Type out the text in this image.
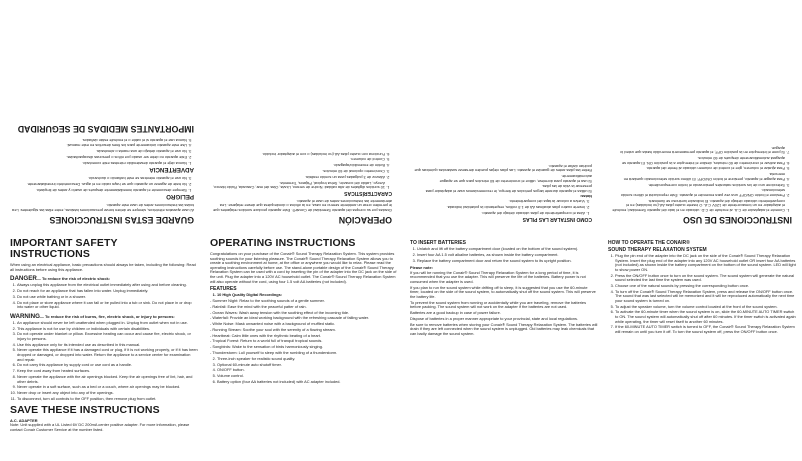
INSTRUCCIONES DE USO
1. Conecte el adaptador de C.A. al enchufe de C.D. ubicado en el lado del aparato Serenidad; enchufe el adaptador en un tomacorriente de 120V C.A. O inserte cuatro pilas AA (no incluidas) en el compartimiento ubicado debajo del aparato. El indicador luminoso se iluminará.
2. Presione el botón ON/OFF una vez para encender el aparato. Éste reproducirá el último sonido seleccionado.
3. Seleccione uno de los sonidos naturales presionando el botón correspondiente.
4. Para apagar el aparato, presione el botón ON/OFF. El último sonido seleccionado quedará en memoria.
5. Para ajustar el volumen, gire el control de volumen ubicado al frente del aparato.
6. Para activar el cronómetro de 60 minutos, deslice el interruptor a la posición ON. El aparato se apagará automáticamente después de 60 minutos.
7. Si pone el interruptor en la posición OFF, el aparato permanecerá encendido hasta que usted lo apague.
COMO INSTALAR LAS PILAS
1. Abra el compartimiento de pilas ubicado debajo del aparato.
2. Inserte cuatro pilas alcalinas AA de 1.5 voltios, respetando la polaridad indicada.
3. Vuelva a colocar la tapa del compartimiento.
Notas:

Si utiliza el aparato durante largos periodos de tiempo, le recomendamos usar el adaptador para preservar la vida de las pilas.

Si usa el aparato para dormirse, utilice el cronómetro de 60 minutos para que se apague automáticamente.

Retire las pilas antes de guardar el aparato. Las pilas viejas pueden derramar sustancias químicas que podrían dañar el aparato.

OPERACIÓN

Gracias por su compra del aparato Serenidad de Conair®. Este aparato produce sonidos relajantes que le permiten crear un ambiente sereno en casa, en la oficina o dondequiera que desee relajarse. Lea atentamente las instrucciones antes de usar el aparato.

CARACTERÍSTICAS
1. 10 sonidos digitales de alta calidad: Noche de verano, Lluvia, Olas del mar, Cascada, Ruido blanco, Arroyo, Latido del corazón, Selva tropical, Pájaros, Tormenta.
2. Altavoz de 3 pulgadas para un sonido realista.
3. Cronómetro opcional de 60 minutos.
4. Botón de encendido/apagado.
5. Control de volumen.
6. Funciona con cuatro pilas AA (no incluidas) o con el adaptador incluido.
GUARDE ESTAS INSTRUCCIONES

Al usar aparatos eléctricos, siempre se deben tomar precauciones básicas, entre ellas las siguientes: Lea todas las instrucciones antes de usar este aparato.

PELIGRO
1. Siempre desconecte el aparato inmediatamente después de usarlo y antes de limpiarlo.
2. No trate de agarrar un aparato que se haya caído en el agua. Desconéctelo inmediatamente.
3. No use el aparato mientras se esté bañando o duchando.
ADVERTENCIA
1. Nunca deje el aparato desatendido mientras esté conectado.
2. Este aparato no debe ser usado por niños o personas discapacitadas.
3. No use el aparato debajo de una manta o almohada.
4. Use este aparato únicamente para los fines descritos en este manual.
5. Nunca use el aparato si el cable o el enchufe están dañados.
IMPORTANTES MEDIDAS DE SEGURIDAD
IMPORTANT SAFETY INSTRUCTIONS

When using an electrical appliance, basic precautions should always be taken, including the following: Read all instructions before using this appliance.

DANGER— To reduce the risk of electric shock:
1. Always unplug this appliance from the electrical outlet immediately after using and before cleaning.
2. Do not reach for an appliance that has fallen into water. Unplug immediately.
3. Do not use while bathing or in a shower.
4. Do not place or store appliance where it can fall or be pulled into a tub or sink. Do not place in or drop into water or other liquid.
WARNING— To reduce the risk of burns, fire, electric shock, or injury to persons:
1. An appliance should never be left unattended when plugged in. Unplug from outlet when not in use.
2. This appliance is not for use by children or individuals with certain disabilities.
3. Do not operate under blanket or pillow. Excessive heating can occur and cause fire, electric shock, or injury to persons.
4. Use this appliance only for its intended use as described in this manual.
5. Never operate this appliance if it has a damaged cord or plug, if it is not working properly, or if it has been dropped or damaged, or dropped into water. Return the appliance to a service center for examination and repair.
6. Do not carry this appliance by supply cord or use cord as a handle.
7. Keep the cord away from heated surfaces.
8. Never operate the appliance with the air openings blocked. Keep the air openings free of lint, hair, and other debris.
9. Never operate in a soft surface, such as a bed or a couch, where air openings may be blocked.
10. Never drop or insert any object into any of the openings.
11. To disconnect, turn all controls to the OFF position, then remove plug from outlet.
SAVE THESE INSTRUCTIONS
A.C. ADAPTER

Note: Unit supplied with a UL Listed 6V DC 200mA center positive adapter. For more information, please contact Conair Customer Service at the number listed.

OPERATING INSTRUCTIONS

Congratulations on your purchase of the Conair® Sound Therapy Relaxation System. This system provides soothing sounds for your listening pleasure. The Conair® Sound Therapy Relaxation System allows you to create a soothing environment at home, at the office or anywhere you would like to relax. Please read the operating instructions carefully before use. The stand-alone portable design of the Conair® Sound Therapy Relaxation System can be used with a cord by inserting the pin of the adapter into the DC jack on the side of the unit. Plug the adapter into a 120V AC household outlet. The Conair® Sound Therapy Relaxation System will also operate without the cord, using four 1.5 volt AA batteries (not included).

FEATURES
1. 10 High Quality Digital Recordings:

- Summer Night: Relax to the soothing sounds of a gentle summer.

- Rainfall: Ease the mind with the peaceful patter of rain.

- Ocean Waves: Wash away tension with the soothing effect of the incoming tide.

- Waterfall: Provide an ideal working background with the refreshing cascade of falling water.

- White Noise: Mask unwanted noise with a background of muffled static.

- Running Stream: Soothe your soul with the serenity of a flowing stream.

- Heartbeat: Calm little ones with the rhythmic beating of a heart.

- Tropical Forest: Return to a world full of tranquil tropical sounds.

- Songbirds: Wake to the sensation of birds harmoniously singing.

- Thunderstorm: Lull yourself to sleep with the rumbling of a thunderstorm.

2. Three-inch speaker for realistic sound quality.
3. Optional 60-minute auto shutoff timer.
4. ON/OFF button.
5. Volume control.
6. Battery option (four AA batteries not included) with AC adapter included.
TO INSERT BATTERIES
1. Unlatch and lift off the battery compartment door (located on the bottom of the sound system).
2. Insert four AA 1.5 volt alkaline batteries, as shown inside the battery compartment.
3. Replace the battery compartment door and return the sound system to its upright position.
Please note:

If you will be running the Conair® Sound Therapy Relaxation System for a long period of time, it is recommended that you use the adapter. This will preserve the life of the batteries. Battery power is not consumed when the adapter is used.

If you plan to run the sound system while drifting off to sleep, it is suggested that you use the 60-minute timer, located on the side of the sound system, to automatically shut off the sound system. This will preserve the battery life.

To prevent the sound system from running or accidentally while you are traveling, remove the batteries before packing. The sound system will not work on the adapter if the batteries are not used.

Batteries are a good backup in case of power failure.

Dispose of batteries in a proper manner appropriate to your provincial, state and local regulations.

Be sure to remove batteries when storing your Conair® Sound Therapy Relaxation System. The batteries will drain if they are left connected when the sound system is unplugged. Old batteries may leak chemicals that can badly damage the sound system.

HOW TO OPERATE THE CONAIR®
SOUND THERAPY RELAXATION SYSTEM
1. Plug the pin end of the adapter into the DC jack on the side of the Conair® Sound Therapy Relaxation System. Insert the plug end of the adapter into any 120V AC household outlet OR insert four AA batteries (not included) as shown inside the battery compartment on the bottom of the sound system. LED will light to show power ON.
2. Press the ON/OFF button once to turn on the sound system. The sound system will generate the natural sound selected the last time the system was used.
3. Choose one of the natural sounds by pressing the corresponding button once.
4. To turn off the Conair® Sound Therapy Relaxation System, press and release the ON/OFF button once. The sound that was last selected will be memorized and it will be reproduced automatically the next time your sound system is turned on.
5. To adjust the speaker volume, turn the volume control located at the front of the sound system.
6. To activate the 60-minute timer when the sound system is on, slide the 60-MINUTE AUTO TIMER switch to ON. The sound system will automatically shut off after 60 minutes. If the timer switch is activated again while operating, the timer will reset itself to another 60 minutes.
7. If the 60-MINUTE AUTO TIMER switch is turned to OFF, the Conair® Sound Therapy Relaxation System will remain on until you turn it off. To turn the sound system off, press the ON/OFF button once.
